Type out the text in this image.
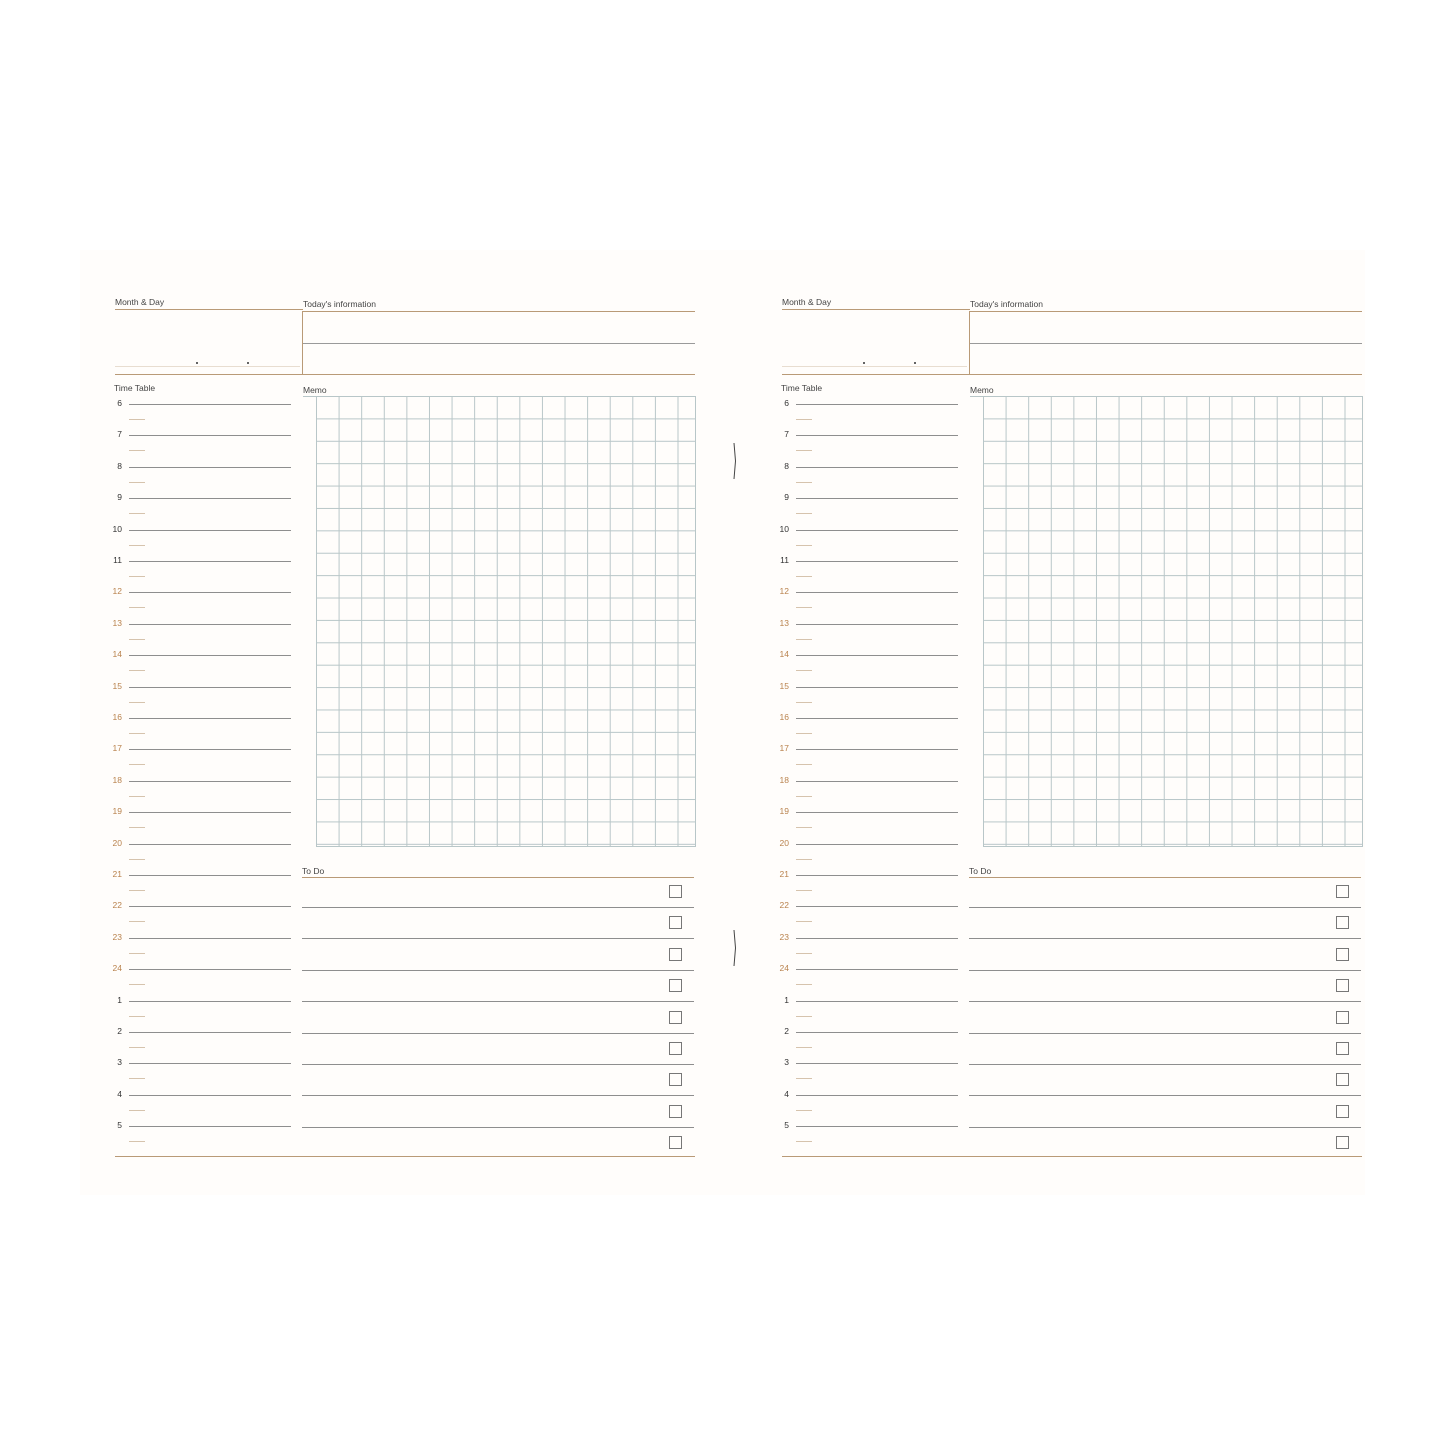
Month & Day	Today's information
Time Table
6
7
8
9
10
11
12
13
14
15
16
17
18
19
20
21
22
23
24
1
2
3
4
5
Memo
To Do
Month & Day	Today's information
Time Table
6
7
8
9
10
11
12
13
14
15
16
17
18
19
20
21
22
23
24
1
2
3
4
5
Memo
To Do
